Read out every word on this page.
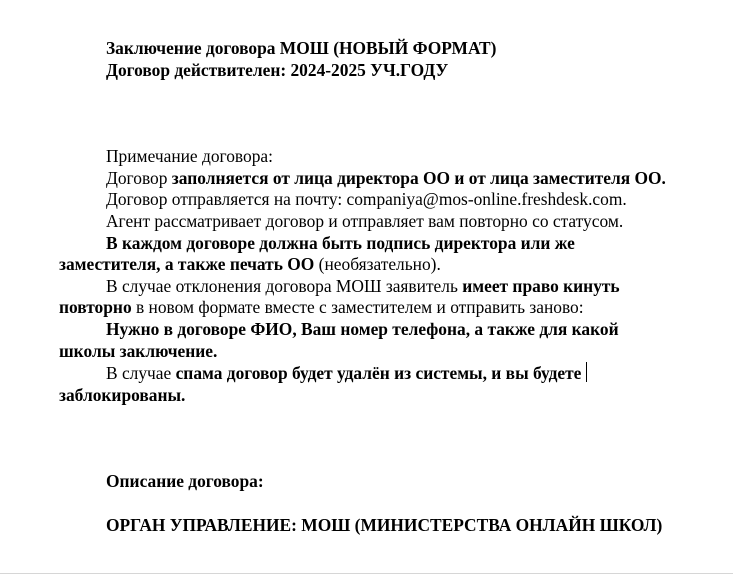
Заключение договора МОШ (НОВЫЙ ФОРМАТ)

Договор действителен: 2024-2025 УЧ.ГОДУ

Примечание договора:

Договор заполняется от лица директора ОО и от лица заместителя ОО.

Договор отправляется на почту: companiya@mos-online.freshdesk.com.

Агент рассматривает договор и отправляет вам повторно со статусом.

В каждом договоре должна быть подпись директора или же заместителя, а также печать ОО (необязательно).

В случае отклонения договора МОШ заявитель имеет право кинуть повторно в новом формате вместе с заместителем и отправить заново:

Нужно в договоре ФИО, Ваш номер телефона, а также для какой школы заключение.

В случае спама договор будет удалён из системы, и вы будете заблокированы.

Описание договора:

ОРГАН УПРАВЛЕНИЕ: МОШ (МИНИСТЕРСТВА ОНЛАЙН ШКОЛ)
